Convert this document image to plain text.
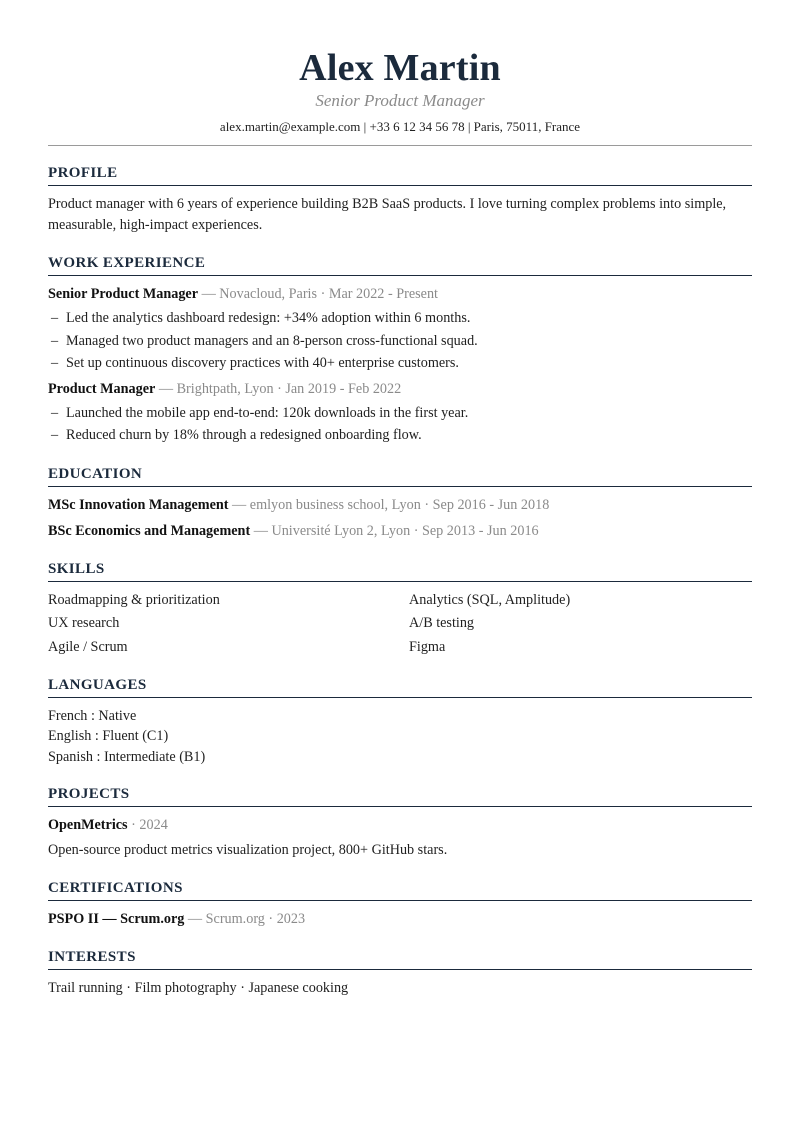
Alex Martin
Senior Product Manager
alex.martin@example.com | +33 6 12 34 56 78 | Paris, 75011, France
PROFILE
Product manager with 6 years of experience building B2B SaaS products. I love turning complex problems into simple, measurable, high-impact experiences.
WORK EXPERIENCE
Senior Product Manager — Novacloud, Paris · Mar 2022 - Present
– Led the analytics dashboard redesign: +34% adoption within 6 months.
– Managed two product managers and an 8-person cross-functional squad.
– Set up continuous discovery practices with 40+ enterprise customers.
Product Manager — Brightpath, Lyon · Jan 2019 - Feb 2022
– Launched the mobile app end-to-end: 120k downloads in the first year.
– Reduced churn by 18% through a redesigned onboarding flow.
EDUCATION
MSc Innovation Management — emlyon business school, Lyon · Sep 2016 - Jun 2018
BSc Economics and Management — Université Lyon 2, Lyon · Sep 2013 - Jun 2016
SKILLS
Roadmapping & prioritization	Analytics (SQL, Amplitude)
UX research	A/B testing
Agile / Scrum	Figma
LANGUAGES
French : Native
English : Fluent (C1)
Spanish : Intermediate (B1)
PROJECTS
OpenMetrics · 2024
Open-source product metrics visualization project, 800+ GitHub stars.
CERTIFICATIONS
PSPO II — Scrum.org — Scrum.org · 2023
INTERESTS
Trail running · Film photography · Japanese cooking
